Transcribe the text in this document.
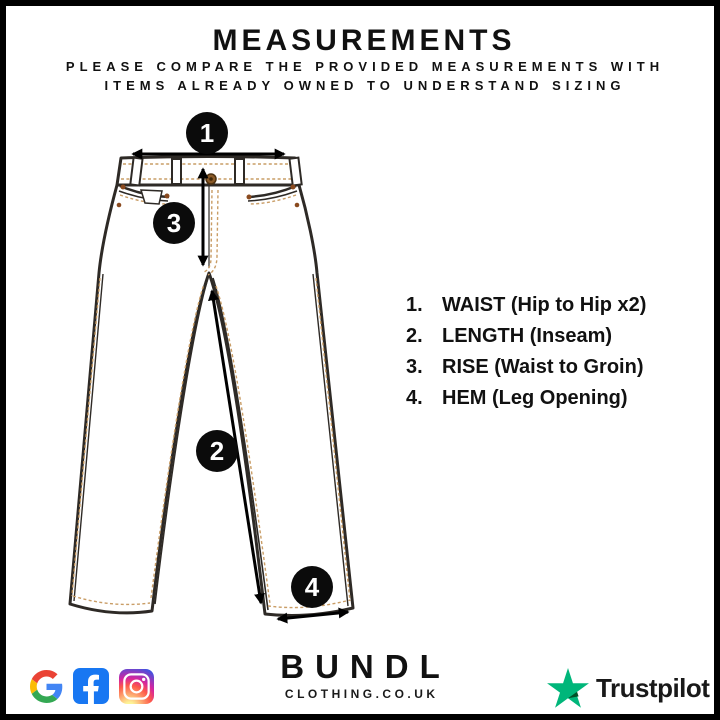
MEASUREMENTS

PLEASE COMPARE THE PROVIDED MEASUREMENTS WITH

ITEMS ALREADY OWNED TO UNDERSTAND SIZING

1
2
3
4
1. WAIST (Hip to Hip x2)
2. LENGTH (Inseam)
3. RISE (Waist to Groin)
4. HEM (Leg Opening)

BUNDL

CLOTHING.CO.UK	Trustpilot
